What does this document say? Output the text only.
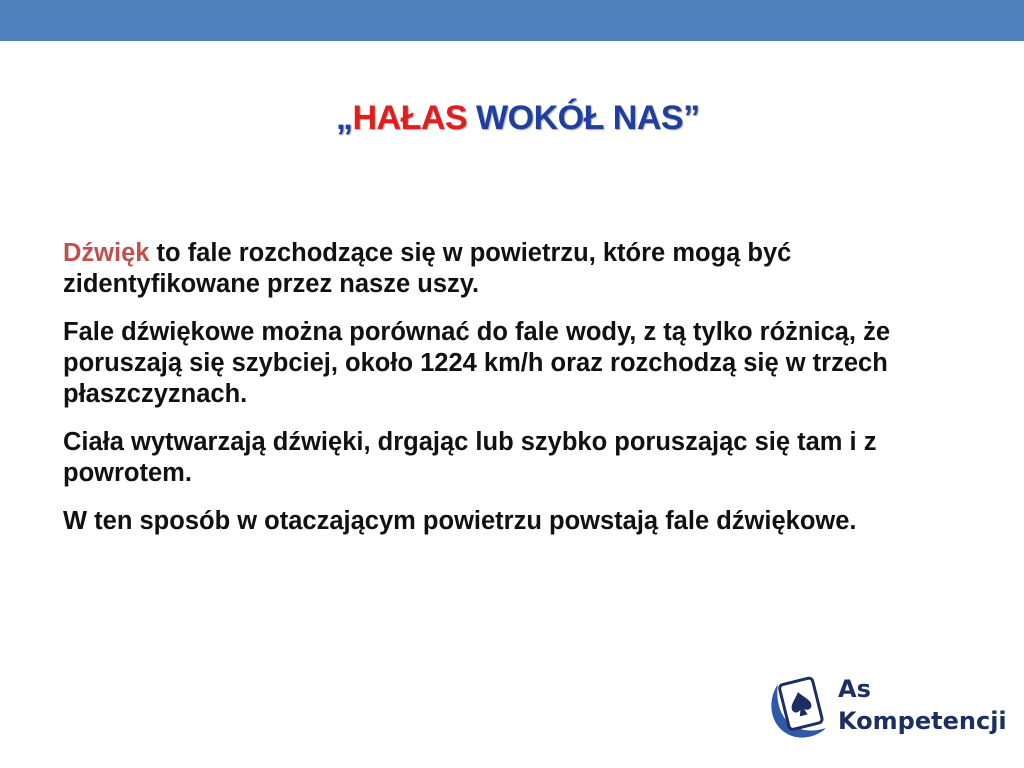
„HAŁAS WOKÓŁ NAS”

Dźwięk to fale rozchodzące się w powietrzu, które mogą być zidentyfikowane przez nasze uszy.

Fale dźwiękowe można porównać do fale wody, z tą tylko różnicą, że poruszają się szybciej, około 1224 km/h oraz rozchodzą się w trzech płaszczyznach.

Ciała wytwarzają dźwięki, drgając lub szybko poruszając się tam i z powrotem.

W ten sposób w otaczającym powietrzu powstają fale dźwiękowe.

As
Kompetencji
